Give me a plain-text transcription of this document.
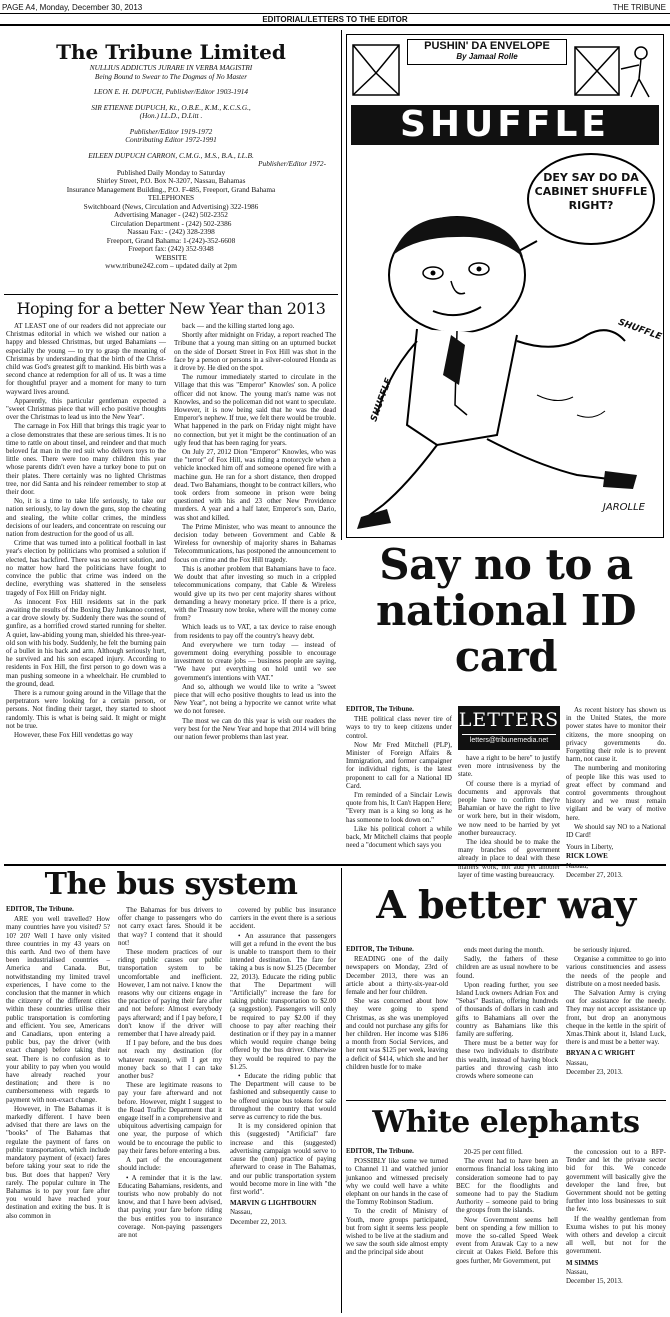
PAGE A4, Monday, December 30, 2013	THE TRIBUNE
EDITORIAL/LETTERS TO THE EDITOR
The Tribune Limited
NULLIUS ADDICTUS JURARE IN VERBA MAGISTRI
Being Bound to Swear to The Dogmas of No Master
LEON E. H. DUPUCH, Publisher/Editor 1903-1914
SIR ETIENNE DUPUCH, Kt., O.B.E., K.M., K.C.S.G.,
(Hon.) LL.D., D.Litt .
Publisher/Editor 1919-1972
Contributing Editor 1972-1991
EILEEN DUPUCH CARRON, C.M.G., M.S., B.A., LL.B.
Publisher/Editor 1972-
Published Daily Monday to Saturday
Shirley Street, P.O. Box N-3207, Nassau, Bahamas
Insurance Management Building., P.O. F-485, Freeport, Grand Bahama
TELEPHONES
Switchboard (News, Circulation and Advertising) 322-1986
Advertising Manager - (242) 502-2352
Circulation Department - (242) 502-2386
Nassau Fax: - (242) 328-2398
Freeport, Grand Bahama: 1-(242)-352-6608
Freeport fax: (242) 352-9348
WEBSITE
www.tribune242.com – updated daily at 2pm
Hoping for a better New Year than 2013

AT LEAST one of our readers did not appreciate our Christmas editorial in which we wished our nation a happy and blessed Christmas, but urged Bahamians — especially the young — to try to grasp the meaning of Christmas by understanding that the birth of the Christ-child was God's greatest gift to mankind. His birth was a second chance at redemption for all of us. It was a time for thoughtful prayer and a moment for many to turn wayward lives around.

Apparently, this particular gentleman expected a "sweet Christmas piece that will echo positive thoughts over the Christmas to lead us into the New Year".

The carnage in Fox Hill that brings this tragic year to a close demonstrates that these are serious times. It is no time to rattle on about tinsel, and reindeer and that much beloved fat man in the red suit who delivers toys to the little ones. There were too many children this year whose parents didn't even have a turkey bone to put on their plates. There certainly was no lighted Christmas tree, nor did Santa and his reindeer remember to stop at their door.

No, it is a time to take life seriously, to take our nation seriously, to lay down the guns, stop the cheating and stealing, the white collar crimes, the mindless decisions of our leaders, and concentrate on rescuing our nation from destruction for the good of us all.

Crime that was turned into a political football in last year's election by politicians who promised a solution if elected, has backfired. There was no secret solution, and no matter how hard the politicians have fought to convince the public that crime was indeed on the decline, everything was shattered in the senseless tragedy of Fox Hill on Friday night.

As innocent Fox Hill residents sat in the park awaiting the results of the Boxing Day Junkanoo contest, a car drove slowly by. Suddenly there was the sound of gunfire, as a horrified crowd started running for shelter. A quiet, law-abiding young man, shielded his three-year-old son with his body. Suddenly, he felt the burning pain of a bullet in his back and arm. Although seriously hurt, he survived and his son escaped injury. According to residents in Fox Hill, the first person to go down was a man pushing someone in a wheelchair. He crumbled to the ground, dead.

There is a rumour going around in the Village that the perpetrators were looking for a certain person, or persons. Not finding their target, they started to shoot randomly. This is what is being said. It might or might not be true.

However, these Fox Hill vendettas go way

back — and the killing started long ago.

Shortly after midnight on Friday, a report reached The Tribune that a young man sitting on an upturned bucket on the side of Dorsett Street in Fox Hill was shot in the face by a person or persons in a silver-coloured Honda as it drove by. He died on the spot.

The rumour immediately started to circulate in the Village that this was "Emperor" Knowles' son. A police officer did not know. The young man's name was not Knowles, and so the policeman did not want to speculate. However, it is now being said that he was the dead Emperor's nephew. If true, we felt there would be trouble. What happened in the park on Friday night might have no connection, but yet it might be the continuation of an ugly feud that has been raging for years.

On July 27, 2012 Dion "Emperor" Knowles, who was the "terror" of Fox Hill, was riding a motorcycle when a vehicle knocked him off and someone opened fire with a machine gun. He ran for a short distance, then dropped dead. Two Bahamians, thought to be contract killers, who took orders from someone in prison were being questioned with his and 23 other New Providence murders. A year and a half later, Emperor's son, Dario, was shot and killed.

The Prime Minister, who was meant to announce the decision today between Government and Cable & Wireless for ownership of majority shares in Bahamas Telecommunications, has postponed the announcement to focus on crime and the Fox Hill tragedy.

This is another problem that Bahamians have to face. We doubt that after investing so much in a crippled telecommunications company, that Cable & Wireless would give up its two per cent majority shares without demanding a heavy monetary price. If there is a price, with the Treasury now broke, where will the money come from?

Which leads us to VAT, a tax device to raise enough from residents to pay off the country's heavy debt.

And everywhere we turn today — instead of government doing everything possible to encourage investment to create jobs — business people are saying, "We have put everything on hold until we see government's intentions with VAT."

And so, although we would like to write a "sweet piece that will echo positive thoughts to lead us into the New Year", not being a hypocrite we cannot write what we do not foresee.

The most we can do this year is wish our readers the very best for the New Year and hope that 2014 will bring our nation fewer problems than last year.

PUSHIN' DA ENVELOPE
By Jamaal Rolle
SHUFFLE
DEY SAY DO DA CABINET SHUFFLE RIGHT?
SHUFFLE
SHUFFLE
JAROLLE
Say no to a national ID card
LETTERS
letters@tribunemedia.net

EDITOR, The Tribune.

THE political class never tire of ways to try to keep citizens under control.

Now Mr Fred Mitchell (PLP), Minister of Foreign Affairs & Immigration, and former campaigner for individual rights, is the latest proponent to call for a National ID Card.

I'm reminded of a Sinclair Lewis quote from his, It Can't Happen Here; "Every man is a king so long as he has someone to look down on."

Like his political cohort a while back, Mr Mitchell claims that people need a "document which says you

have a right to be here" to justify even more intrusiveness by the state.

Of course there is a myriad of documents and approvals that people have to confirm they're Bahamian or have the right to live or work here, but in their wisdom, we now need to be harried by yet another bureaucracy.

The idea should be to make the many branches of government already in place to deal with these matters work, not add yet another layer of time wasting bureaucracy.

As recent history has shown us in the United States, the more power states have to monitor their citizens, the more snooping on privacy governments do. Forgetting their role is to prevent harm, not cause it.

The numbering and monitoring of people like this was used to great effect by command and control governments throughout history and we must remain vigilant and be wary of motive here.

We should say NO to a National ID Card!

Yours in Liberty,

RICK LOWE

Nassau,

December 27, 2013.

The bus system

EDITOR, The Tribune.

ARE you well travelled? How many countries have you visited? 5? 10? 20? Well I have only visited three countries in my 43 years on this earth. And two of them have been industrialised countries – America and Canada. But, notwithstanding my limited travel experiences, I have come to the conclusion that the manner in which the citizenry of the different cities within these countries utilise their public transportation is comforting and efficient. You see, Americans and Canadians, upon entering a public bus, pay the driver (with exact change) before taking their seat. There is no confusion as to your ability to pay when you would have already reached your destination; and there is no cumbersomeness with regards to payment with non-exact change.

However, in The Bahamas it is markedly different. I have been advised that there are laws on the "books" of The Bahamas that regulate the payment of fares on public transportation, which include mandatory payment of (exact) fares before taking your seat to ride the bus. But does that happen? Very rarely. The popular culture in The Bahamas is to pay your fare after you would have reached your destination and exiting the bus. It is also common in

The Bahamas for bus drivers to offer change to passengers who do not carry exact fares. Should it be that way? I contend that it should not!

These modern practices of our riding public causes our public transportation system to be uncomfortable and inefficient. However, I am not naive. I know the reasons why our citizens engage in the practice of paying their fare after and not before: Almost everybody pays afterward; and if I pay before, I don't know if the driver will remember that I have already paid.

If I pay before, and the bus does not reach my destination (for whatever reason), will I get my money back so that I can take another bus?

These are legitimate reasons to pay your fare afterward and not before. However, might I suggest to the Road Traffic Department that it engage itself in a comprehensive and ubiquitous advertising campaign for one year, the purpose of which would be to encourage the public to pay their fares before entering a bus.

A part of the encouragement should include:

• A reminder that it is the law. Educating Bahamians, residents, and tourists who now probably do not know, and that I have been advised, that paying your fare before riding the bus entitles you to insurance coverage. Non-paying passengers are not

covered by public bus insurance carriers in the event there is a serious accident.

• An assurance that passengers will get a refund in the event the bus is unable to transport them to their intended destination. The fare for taking a bus is now $1.25 (December 22, 2013). Educate the riding public that The Department will "Artificially" increase the fare for taking public transportation to $2.00 (a suggestion). Passengers will only be required to pay $2.00 if they choose to pay after reaching their destination or if they pay in a manner which would require change being offered by the bus driver. Otherwise they would be required to pay the $1.25.

• Educate the riding public that The Department will cause to be fashioned and subsequently cause to be offered unique bus tokens for sale throughout the country that would serve as currency to ride the bus.

It is my considered opinion that this (suggested) "Artificial" fare increase and this (suggested) advertising campaign would serve to cause the (non) practice of paying afterward to cease in The Bahamas, and our public transportation system would become more in line with "the first world".

MARVIN G LIGHTBOURN

Nassau,

December 22, 2013.

A better way

EDITOR, The Tribune.

READING one of the daily newspapers on Monday, 23rd of December 2013, there was an article about a thirty-six-year-old female and her four children.

She was concerned about how they were going to spend Christmas, as she was unemployed and could not purchase any gifts for her children. Her income was $186 a month from Social Services, and her rent was $125 per week, leaving a deficit of $414, which she and her children hustle for to make

ends meet during the month.

Sadly, the fathers of these children are as usual nowhere to be found.

Upon reading further, you see Island Luck owners Adrian Fox and "Sebas" Bastian, offering hundreds of thousands of dollars in cash and gifts to Bahamians all over the country as Bahamians like this family are suffering.

There must be a better way for these two individuals to distribute this wealth, instead of having block parties and throwing cash into crowds where someone can

be seriously injured.

Organise a committee to go into various constituencies and assess the needs of the people and distribute on a most needed basis.

The Salvation Army is crying out for assistance for the needy. They may not accept assistance up front, but drop an anonymous cheque in the kettle in the spirit of Xmas.Think about it, Island Luck, there is and must be a better way.

BRYAN A C WRIGHT

Nassau,

December 23, 2013.

White elephants

EDITOR, The Tribune.

POSSIBLY like some we turned to Channel 11 and watched junior junkanoo and witnessed precisely why we could well have a white elephant on our hands in the case of the Tommy Robinson Stadium.

To the credit of Ministry of Youth, more groups participated, but from sight it seems less people wished to be live at the stadium and we saw the south side almost empty and the principal side about

20-25 per cent filled.

The event had to have been an enormous financial loss taking into consideration someone had to pay BEC for the floodlights and someone had to pay the Stadium Authority – someone paid to bring the groups from the islands.

Now Government seems hell bent on spending a few million to move the so-called Speed Week event from Arawak Cay to a new circuit at Oakes Field. Before this goes further, Mr Government, put

the concession out to a RFP-Tender and let the private sector bid for this. We concede government will basically give the developer the land free, but Government should not be getting further into loss businesses to suit the few.

If the wealthy gentleman from Exuma wishes to put his money with others and develop a circuit all well, but not for the government.

M SIMMS

Nassau,

December 15, 2013.
